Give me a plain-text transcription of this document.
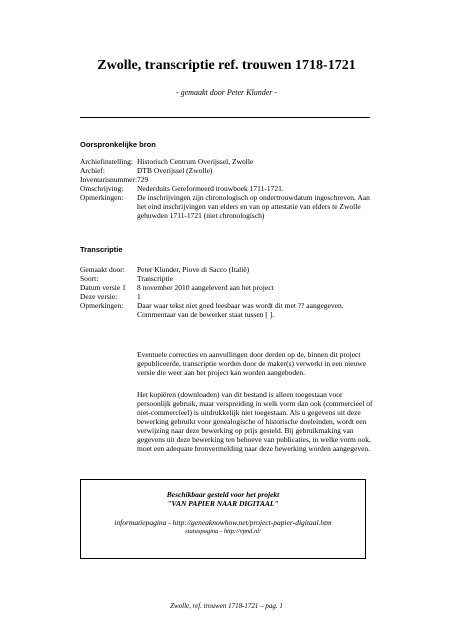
Zwolle, transcriptie ref. trouwen 1718-1721
- gemaakt door Peter Klunder -
Oorspronkelijke bron
Archiefinstelling: Historisch Centrum Overijssel, Zwolle
Archief:	DTB Overijssel (Zwolle)
Inventarisnummer: 729
Omschrijving:	Nederduits Gereformeerd trouwboek 1711-1721.
Opmerkingen:	De inschrijvingen zijn chronologisch op ondertrouwdatum ingeschreven. Aan het eind inschrijvingen van elders en van op attestatie van elders te Zwolle gehuwden 1711-1721 (niet chronologisch)
Transcriptie
Gemaakt door:	Peter Klunder, Piove di Sacco (Italië)
Soort:	Transcriptie
Datum versie 1	8 november 2010 aangeleverd aan het project
Deze versie:	1
Opmerkingen:	Daar waar tekst niet goed leesbaar was wordt dit met ?? aangegeven. Commentaar van de bewerker staat tussen [ ].
Eventuele correcties en aanvullingen door derden op de, binnen dit project gepubliceerde, transcriptie worden door de maker(s) verwerkt in een nieuwe versie die weer aan het project kan worden aangeboden.
Het kopiëren (downloaden) van dit bestand is alleen toegestaan voor persoonlijk gebruik, maar verspreiding in welk vorm dan ook (commercieel of niet-commercieel) is uitdrukkelijk niet toegestaan. Als u gegevens uit deze bewerking gebruikt voor genealogische of historische doeleinden, wordt een verwijzing naar deze bewerking op prijs gesteld. Bij gebruikmaking van gegevens uit deze bewerking ten behoeve van publicaties, in welke vorm ook, moet een adequate bronvermelding naar deze bewerking worden aangegeven.
Beschikbaar gesteld voor het projekt
"VAN PAPIER NAAR DIGITAAL"
informatiepagina - http://geneaknowhow.net/project-papier-digitaal.htm
statuspagina - http://vpnd.nl/
Zwolle, ref. trouwen 1718-1721 – pag. 1
